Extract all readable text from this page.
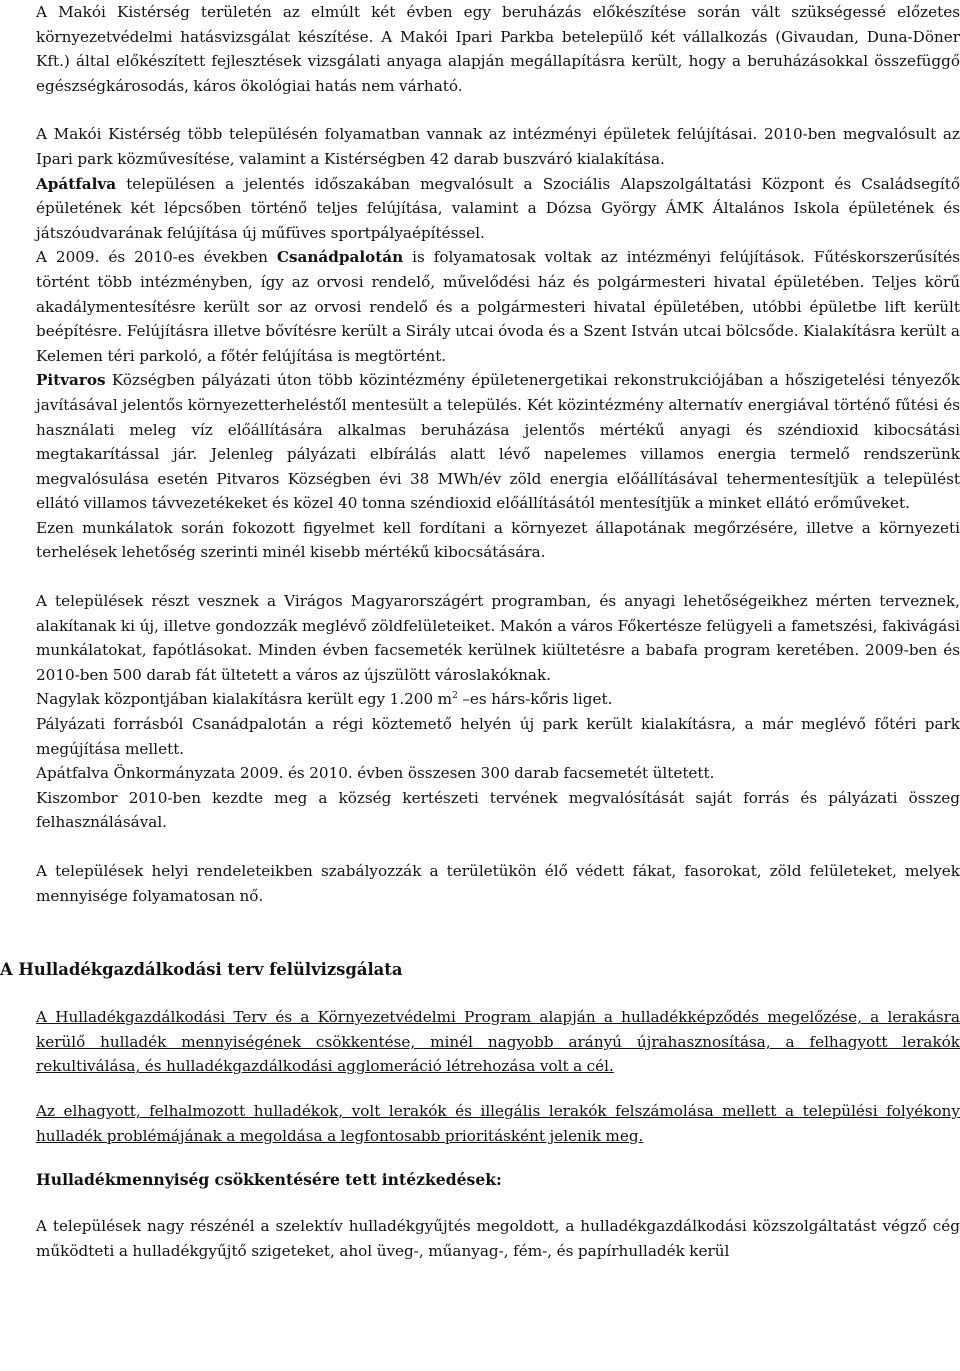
A Makói Kistérség területén az elmúlt két évben egy beruházás előkészítése során vált szükségessé előzetes környezetvédelmi hatásvizsgálat készítése. A Makói Ipari Parkba betelepülő két vállalkozás (Givaudan, Duna-Döner Kft.) által előkészített fejlesztések vizsgálati anyaga alapján megállapításra került, hogy a beruházásokkal összefüggő egészségkárosodás, káros ökológiai hatás nem várható.

A Makói Kistérség több településén folyamatban vannak az intézményi épületek felújításai. 2010-ben megvalósult az Ipari park közművesítése, valamint a Kistérségben 42 darab buszváró kialakítása.

Apátfalva településen a jelentés időszakában megvalósult a Szociális Alapszolgáltatási Központ és Családsegítő épületének két lépcsőben történő teljes felújítása, valamint a Dózsa György ÁMK Általános Iskola épületének és játszóudvarának felújítása új műfüves sportpályaépítéssel.

A 2009. és 2010-es években Csanádpalotán is folyamatosak voltak az intézményi felújítások. Fűtéskorszerűsítés történt több intézményben, így az orvosi rendelő, művelődési ház és polgármesteri hivatal épületében. Teljes körű akadálymentesítésre került sor az orvosi rendelő és a polgármesteri hivatal épületében, utóbbi épületbe lift került beépítésre. Felújításra illetve bővítésre került a Sirály utcai óvoda és a Szent István utcai bölcsőde. Kialakításra került a Kelemen téri parkoló, a főtér felújítása is megtörtént.

Pitvaros Községben pályázati úton több közintézmény épületenergetikai rekonstrukciójában a hőszigetelési tényezők javításával jelentős környezetterheléstől mentesült a település. Két közintézmény alternatív energiával történő fűtési és használati meleg víz előállítására alkalmas beruházása jelentős mértékű anyagi és széndioxid kibocsátási megtakarítással jár. Jelenleg pályázati elbírálás alatt lévő napelemes villamos energia termelő rendszerünk megvalósulása esetén Pitvaros Községben évi 38 MWh/év zöld energia előállításával tehermentesítjük a települést ellátó villamos távvezetékeket és közel 40 tonna széndioxid előállításától mentesítjük a minket ellátó erőműveket.

Ezen munkálatok során fokozott figyelmet kell fordítani a környezet állapotának megőrzésére, illetve a környezeti terhelések lehetőség szerinti minél kisebb mértékű kibocsátására.

A települések részt vesznek a Virágos Magyarországért programban, és anyagi lehetőségeikhez mérten terveznek, alakítanak ki új, illetve gondozzák meglévő zöldfelületeiket. Makón a város Főkertésze felügyeli a fametszési, fakivágási munkálatokat, fapótlásokat. Minden évben facsemeték kerülnek kiültetésre a babafa program keretében. 2009-ben és 2010-ben 500 darab fát ültetett a város az újszülött városlakóknak.

Nagylak központjában kialakításra került egy 1.200 $m^2$ –es hárs-kőris liget.

Pályázati forrásból Csanádpalotán a régi köztemető helyén új park került kialakításra, a már meglévő főtéri park megújítása mellett.

Apátfalva Önkormányzata 2009. és 2010. évben összesen 300 darab facsemetét ültetett.

Kiszombor 2010-ben kezdte meg a község kertészeti tervének megvalósítását saját forrás és pályázati összeg felhasználásával.

A települések helyi rendeleteikben szabályozzák a területükön élő védett fákat, fasorokat, zöld felületeket, melyek mennyisége folyamatosan nő.

A Hulladékgazdálkodási terv felülvizsgálata

A Hulladékgazdálkodási Terv és a Környezetvédelmi Program alapján a hulladékképződés megelőzése, a lerakásra kerülő hulladék mennyiségének csökkentése, minél nagyobb arányú újrahasznosítása, a felhagyott lerakók rekultiválása, és hulladékgazdálkodási agglomeráció létrehozása volt a cél.

Az elhagyott, felhalmozott hulladékok, volt lerakók és illegális lerakók felszámolása mellett a települési folyékony hulladék problémájának a megoldása a legfontosabb prioritásként jelenik meg.

Hulladékmennyiség csökkentésére tett intézkedések:

A települések nagy részénél a szelektív hulladékgyűjtés megoldott, a hulladékgazdálkodási közszolgáltatást végző cég működteti a hulladékgyűjtő szigeteket, ahol üveg-, műanyag-, fém-, és papírhulladék kerül
